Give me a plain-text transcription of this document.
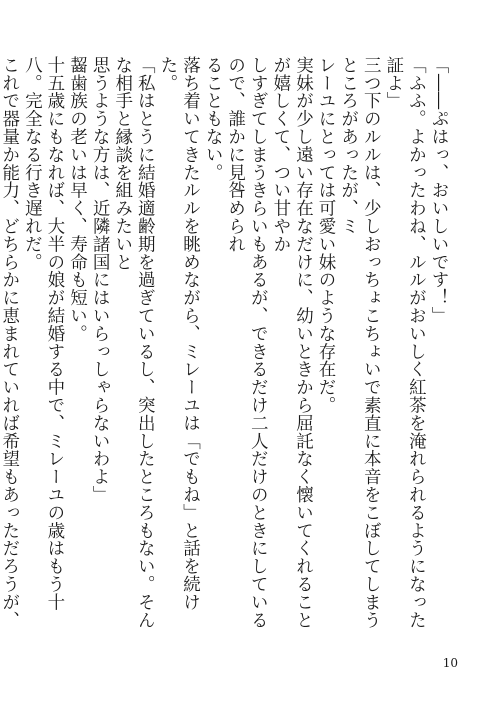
「――ぷはっ、おいしいです！」

「ふふ。よかったわね、ルルがおいしく紅茶を淹れられるようになった証よ」

三つ下のルルは、少しおっちょこちょいで素直に本音をこぼしてしまうところがあったが、ミ

レーユにとっては可愛い妹のような存在だ。

実妹が少し遠い存在なだけに、幼いときから屈託なく懐いてくれることが嬉しくて、つい甘やか

しすぎてしまうきらいもあるが、できるだけ二人だけのときにしているので、誰かに見咎められ

ることもない。

落ち着いてきたルルを眺めながら、ミレーユは「でもね」と話を続けた。

「私はとうに結婚適齢期を過ぎているし、突出したところもない。そんな相手と縁談を組みたいと

思うような方は、近隣諸国にはいらっしゃらないわよ」

齧歯族の老いは早く、寿命も短い。

十五歳にもなれば、大半の娘が結婚する中で、ミレーユの歳はもう十八。完全なる行き遅れだ。

これで器量か能力、どちらかに恵まれていれば希望もあっただろうが、

10
